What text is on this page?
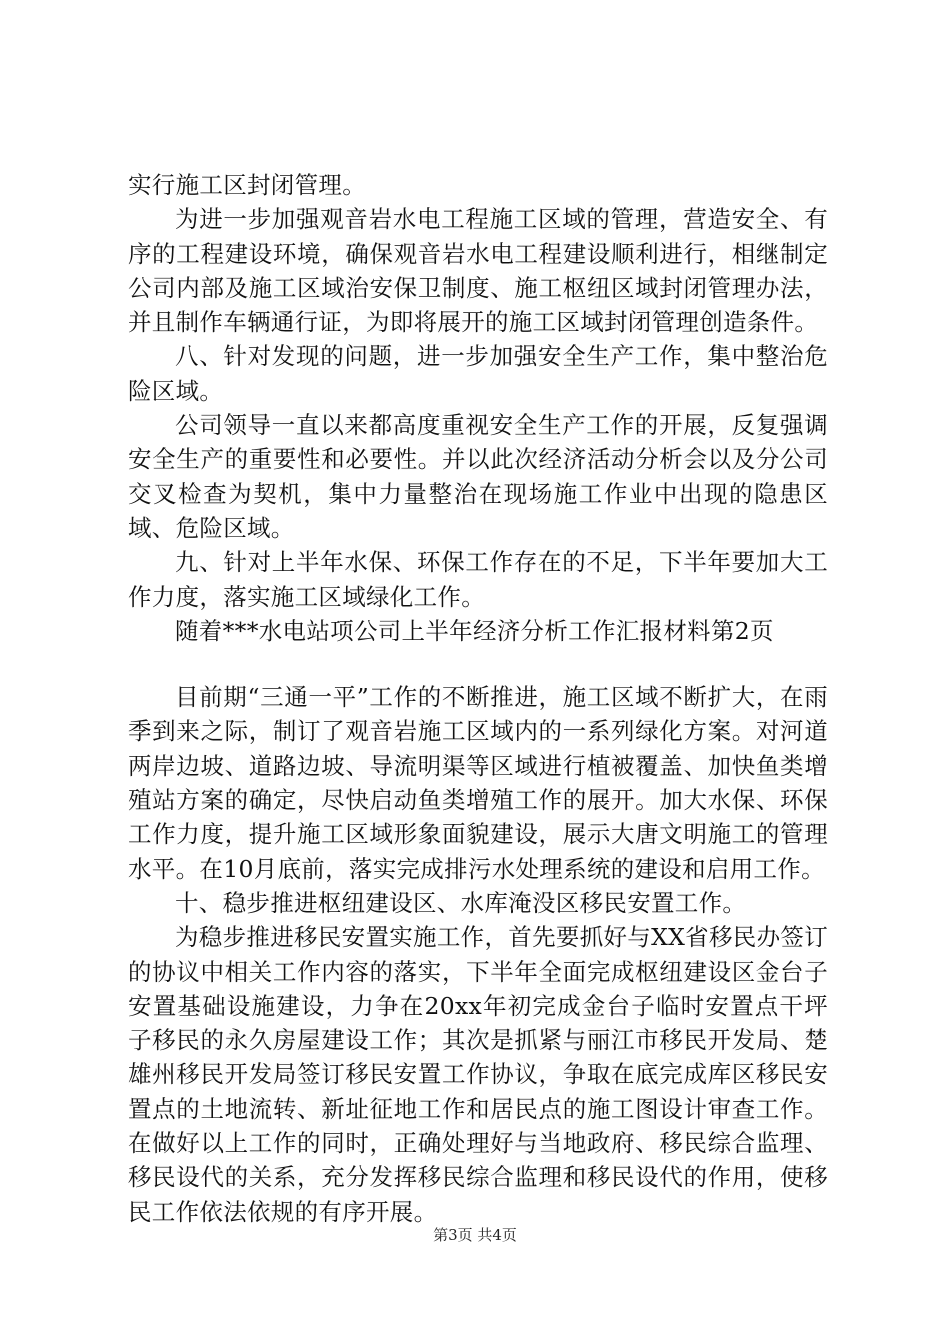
实行施工区封闭管理。

为进一步加强观音岩水电工程施工区域的管理，营造安全、有序的工程建设环境，确保观音岩水电工程建设顺利进行，相继制定公司内部及施工区域治安保卫制度、施工枢纽区域封闭管理办法，并且制作车辆通行证，为即将展开的施工区域封闭管理创造条件。

八、针对发现的问题，进一步加强安全生产工作，集中整治危险区域。

公司领导一直以来都高度重视安全生产工作的开展，反复强调安全生产的重要性和必要性。并以此次经济活动分析会以及分公司交叉检查为契机，集中力量整治在现场施工作业中出现的隐患区域、危险区域。

九、针对上半年水保、环保工作存在的不足，下半年要加大工作力度，落实施工区域绿化工作。

随着***水电站项公司上半年经济分析工作汇报材料第2页

目前期“三通一平”工作的不断推进，施工区域不断扩大，在雨季到来之际，制订了观音岩施工区域内的一系列绿化方案。对河道两岸边坡、道路边坡、导流明渠等区域进行植被覆盖、加快鱼类增殖站方案的确定，尽快启动鱼类增殖工作的展开。加大水保、环保工作力度，提升施工区域形象面貌建设，展示大唐文明施工的管理水平。在10月底前，落实完成排污水处理系统的建设和启用工作。

十、稳步推进枢纽建设区、水库淹没区移民安置工作。

为稳步推进移民安置实施工作，首先要抓好与XX省移民办签订的协议中相关工作内容的落实，下半年全面完成枢纽建设区金台子安置基础设施建设，力争在20xx年初完成金台子临时安置点干坪子移民的永久房屋建设工作；其次是抓紧与丽江市移民开发局、楚雄州移民开发局签订移民安置工作协议，争取在底完成库区移民安置点的土地流转、新址征地工作和居民点的施工图设计审查工作。在做好以上工作的同时，正确处理好与当地政府、移民综合监理、移民设代的关系，充分发挥移民综合监理和移民设代的作用，使移民工作依法依规的有序开展。

第3页 共4页
